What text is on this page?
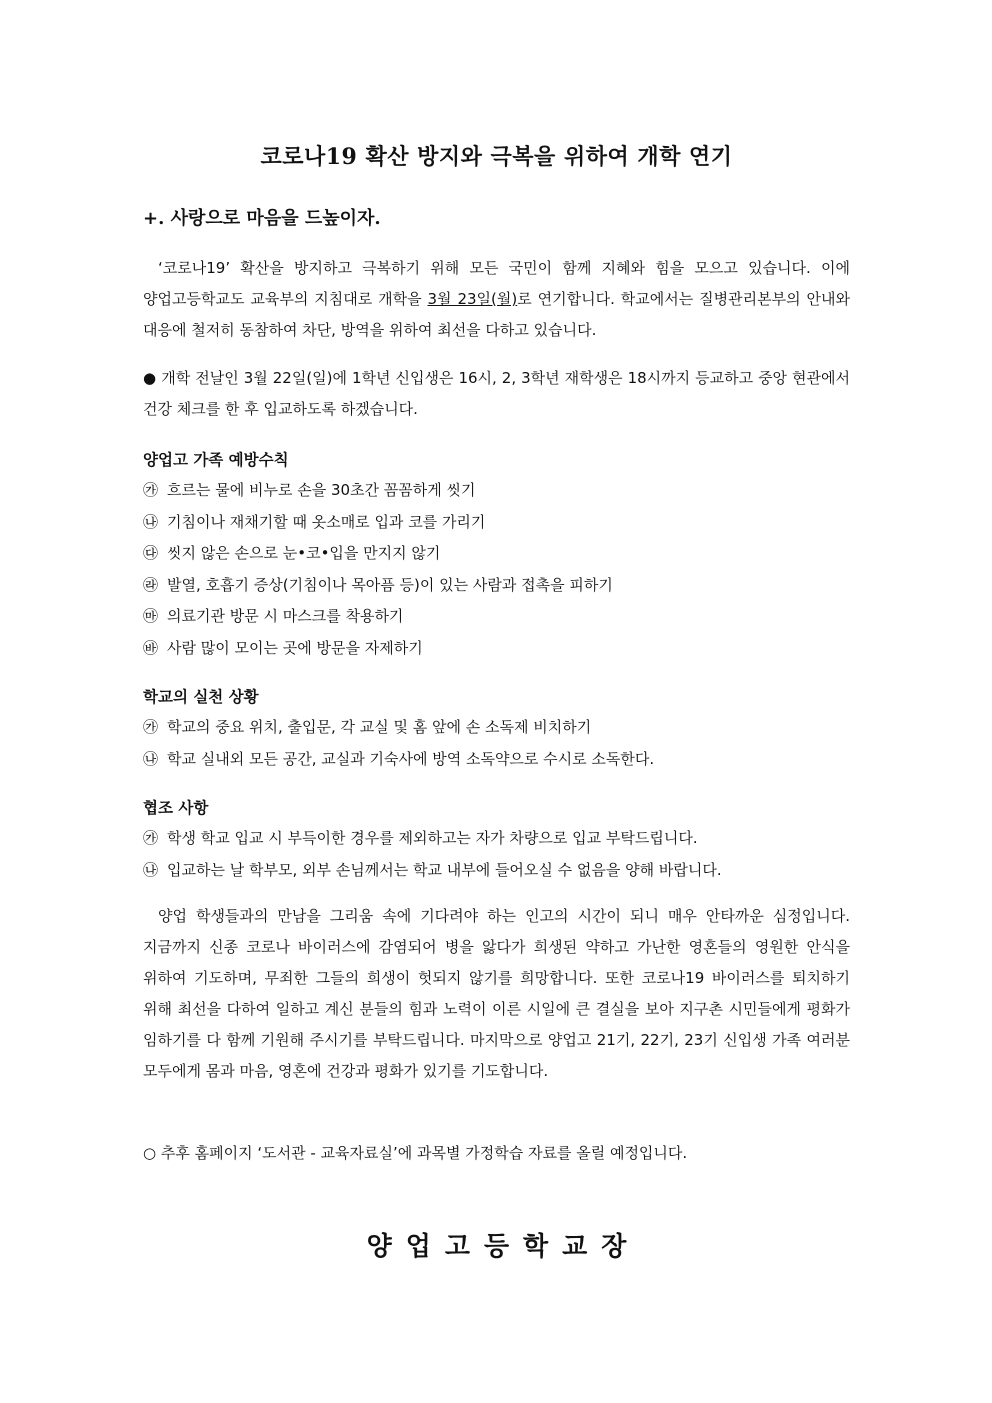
코로나19 확산 방지와 극복을 위하여 개학 연기
+. 사랑으로 마음을 드높이자.
‘코로나19’ 확산을 방지하고 극복하기 위해 모든 국민이 함께 지혜와 힘을 모으고 있습니다. 이에 양업고등학교도 교육부의 지침대로 개학을 3월 23일(월)로 연기합니다. 학교에서는 질병관리본부의 안내와 대응에 철저히 동참하여 차단, 방역을 위하여 최선을 다하고 있습니다.
● 개학 전날인 3월 22일(일)에 1학년 신입생은 16시, 2, 3학년 재학생은 18시까지 등교하고 중앙 현관에서 건강 체크를 한 후 입교하도록 하겠습니다.
양업고 가족 예방수칙
㉮ 흐르는 물에 비누로 손을 30초간 꼼꼼하게 씻기
㉯ 기침이나 재채기할 때 옷소매로 입과 코를 가리기
㉰ 씻지 않은 손으로 눈•코•입을 만지지 않기
㉱ 발열, 호흡기 증상(기침이나 목아픔 등)이 있는 사람과 접촉을 피하기
㉲ 의료기관 방문 시 마스크를 착용하기
㉳ 사람 많이 모이는 곳에 방문을 자제하기
학교의 실천 상황
㉮ 학교의 중요 위치, 출입문, 각 교실 및 홈 앞에 손 소독제 비치하기
㉯ 학교 실내외 모든 공간, 교실과 기숙사에 방역 소독약으로 수시로 소독한다.
협조 사항
㉮ 학생 학교 입교 시 부득이한 경우를 제외하고는 자가 차량으로 입교 부탁드립니다.
㉯ 입교하는 날 학부모, 외부 손님께서는 학교 내부에 들어오실 수 없음을 양해 바랍니다.
양업 학생들과의 만남을 그리움 속에 기다려야 하는 인고의 시간이 되니 매우 안타까운 심정입니다. 지금까지 신종 코로나 바이러스에 감염되어 병을 앓다가 희생된 약하고 가난한 영혼들의 영원한 안식을 위하여 기도하며, 무죄한 그들의 희생이 헛되지 않기를 희망합니다. 또한 코로나19 바이러스를 퇴치하기 위해 최선을 다하여 일하고 계신 분들의 힘과 노력이 이른 시일에 큰 결실을 보아 지구촌 시민들에게 평화가 임하기를 다 함께 기원해 주시기를 부탁드립니다. 마지막으로 양업고 21기, 22기, 23기 신입생 가족 여러분 모두에게 몸과 마음, 영혼에 건강과 평화가 있기를 기도합니다.
○ 추후 홈페이지 ‘도서관 - 교육자료실’에 과목별 가정학습 자료를 올릴 예정입니다.
양업고등학교장
